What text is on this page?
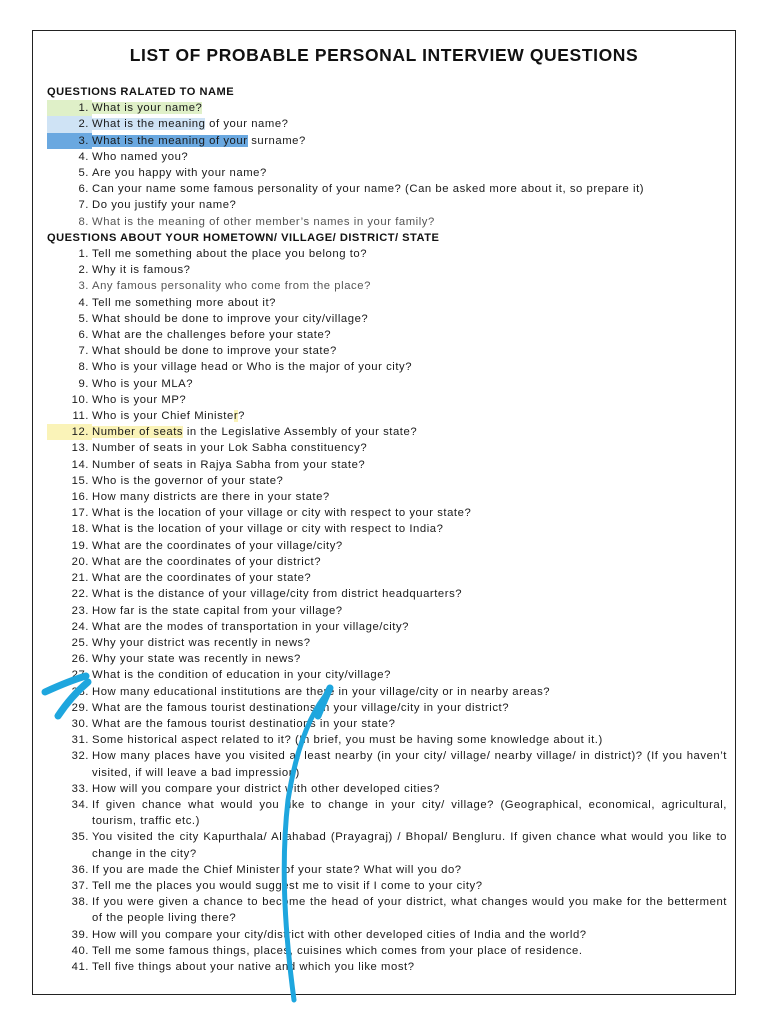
LIST OF PROBABLE PERSONAL INTERVIEW QUESTIONS
QUESTIONS RALATED TO NAME
1. What is your name?
2. What is the meaning of your name?
3. What is the meaning of your surname?
4. Who named you?
5. Are you happy with your name?
6. Can your name some famous personality of your name? (Can be asked more about it, so prepare it)
7. Do you justify your name?
8. What is the meaning of other member’s names in your family?
QUESTIONS ABOUT YOUR HOMETOWN/ VILLAGE/ DISTRICT/ STATE
1. Tell me something about the place you belong to?
2. Why it is famous?
3. Any famous personality who come from the place?
4. Tell me something more about it?
5. What should be done to improve your city/village?
6. What are the challenges before your state?
7. What should be done to improve your state?
8. Who is your village head or Who is the major of your city?
9. Who is your MLA?
10. Who is your MP?
11. Who is your Chief Minister?
12. Number of seats in the Legislative Assembly of your state?
13. Number of seats in your Lok Sabha constituency?
14. Number of seats in Rajya Sabha from your state?
15. Who is the governor of your state?
16. How many districts are there in your state?
17. What is the location of your village or city with respect to your state?
18. What is the location of your village or city with respect to India?
19. What are the coordinates of your village/city?
20. What are the coordinates of your district?
21. What are the coordinates of your state?
22. What is the distance of your village/city from district headquarters?
23. How far is the state capital from your village?
24. What are the modes of transportation in your village/city?
25. Why your district was recently in news?
26. Why your state was recently in news?
27. What is the condition of education in your city/village?
28. How many educational institutions are there in your village/city or in nearby areas?
29. What are the famous tourist destinations in your village/city in your district?
30. What are the famous tourist destinations in your state?
31. Some historical aspect related to it? (In brief, you must be having some knowledge about it.)
32. How many places have you visited at least nearby (in your city/ village/ nearby village/ in district)? (If you haven’t visited, if will leave a bad impression)
33. How will you compare your district with other developed cities?
34. If given chance what would you like to change in your city/ village? (Geographical, economical, agricultural, tourism, traffic etc.)
35. You visited the city Kapurthala/ Allahabad (Prayagraj) / Bhopal/ Bengluru. If given chance what would you like to change in the city?
36. If you are made the Chief Minister of your state? What will you do?
37. Tell me the places you would suggest me to visit if I come to your city?
38. If you were given a chance to become the head of your district, what changes would you make for the betterment of the people living there?
39. How will you compare your city/district with other developed cities of India and the world?
40. Tell me some famous things, places, cuisines which comes from your place of residence.
41. Tell five things about your native and which you like most?
